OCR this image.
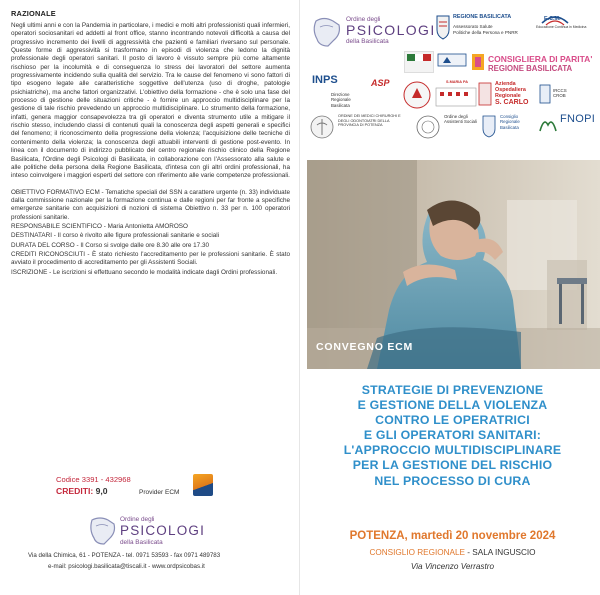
RAZIONALE

Negli ultimi anni e con la Pandemia in particolare, i medici e molti altri professionisti quali infermieri, operatori sociosanitari ed addetti al front office, stanno incontrando notevoli difficoltà a causa del progressivo incremento dei livelli di aggressività che pazienti e familiari riversano sul personale. Queste forme di aggressività si trasformano in episodi di violenza che ledono la dignità professionale degli operatori sanitari. Il posto di lavoro è vissuto sempre più come altamente rischioso per la incolumità e di conseguenza lo stress dei lavoratori del settore aumenta progressivamente incidendo sulla qualità del servizio. Tra le cause del fenomeno vi sono fattori di tipo esogeno legate alle caratteristiche soggettive dell'utenza (uso di droghe, patologie psichiatriche), ma anche fattori organizzativi. L'obiettivo della formazione - che è solo una fase del processo di gestione delle situazioni critiche - è fornire un approccio multidisciplinare per la gestione di tale rischio prevedendo un approccio multidisciplinare. Lo strumento della formazione, infatti, genera maggior consapevolezza tra gli operatori e diventa strumento utile a mitigare il rischio stesso, includendo classi di contenuti quali la conoscenza degli aspetti generali e specifici del fenomeno; il riconoscimento della progressione della violenza; l'acquisizione delle tecniche di contenimento della violenza; la conoscenza degli attuabili interventi di gestione post-evento. In linea con il documento di indirizzo pubblicato del centro regionale rischio clinico della Regione Basilicata, l'Ordine degli Psicologi di Basilicata, in collaborazione con l'Assessorato alla salute e alle politiche della persona della Regione Basilicata, d'intesa con gli altri ordini professionali, ha inteso coinvolgere i maggiori esperti del settore con riferimento alle varie competenze professionali.

OBIETTIVO FORMATIVO ECM - Tematiche speciali del SSN a carattere urgente (n. 33) individuate dalla commissione nazionale per la formazione continua e dalle regioni per far fronte a specifiche emergenze sanitarie con acquisizioni di nozioni di sistema Obiettivo n. 33 per n. 100 operatori professioni sanitarie.

RESPONSABILE SCIENTIFICO - Maria Antonietta AMOROSO

DESTINATARI - Il corso è rivolto alle figure professionali sanitarie e sociali

DURATA DEL CORSO - Il Corso si svolge dalle ore 8.30 alle ore 17.30

CREDITI RICONOSCIUTI - È stato richiesto l'accreditamento per le professioni sanitarie. È stato avviato il procedimento di accreditamento per gli Assistenti Sociali.

ISCRIZIONE - Le iscrizioni si effettuano secondo le modalità indicate dagli Ordini professionali.

Codice 3391 - 432968
CREDITI: 9,0	Provider ECM
Ordine degli
PSICOLOGI
della Basilicata
Via della Chimica, 61 - POTENZA - tel. 0971 53593 - fax 0971 489783
e-mail: psicologi.basilicata@tiscali.it - www.ordpsicobas.it
Ordine degli
PSICOLOGI
della Basilicata
REGIONE BASILICATA
Assessorato Salute
Politiche della Persona e PNRR
E.C.M.
Educazione Continua in Medicina
CONSIGLIERA DI PARITA'
REGIONE BASILICATA
INPS
Direzione Regionale Basilicata
ASP	S.MARIA PA	Azienda
Ospedaliera
Regionale
S. CARLO
IRCCS CROB
ORDINE DEI MEDICI CHIRURGHI E DEGLI ODONTOIATRI DELLA PROVINCIA DI POTENZA
Ordine degli Assistenti Sociali
Consiglio Regionale Basilicata
FNOPI
CONVEGNO ECM
STRATEGIE DI PREVENZIONE
E GESTIONE DELLA VIOLENZA
CONTRO LE OPERATRICI
E GLI OPERATORI SANITARI:
L'APPROCCIO MULTIDISCIPLINARE
PER LA GESTIONE DEL RISCHIO
NEL PROCESSO DI CURA
POTENZA, martedì 20 novembre 2024
CONSIGLIO REGIONALE - SALA INGUSCIO
Via Vincenzo Verrastro
